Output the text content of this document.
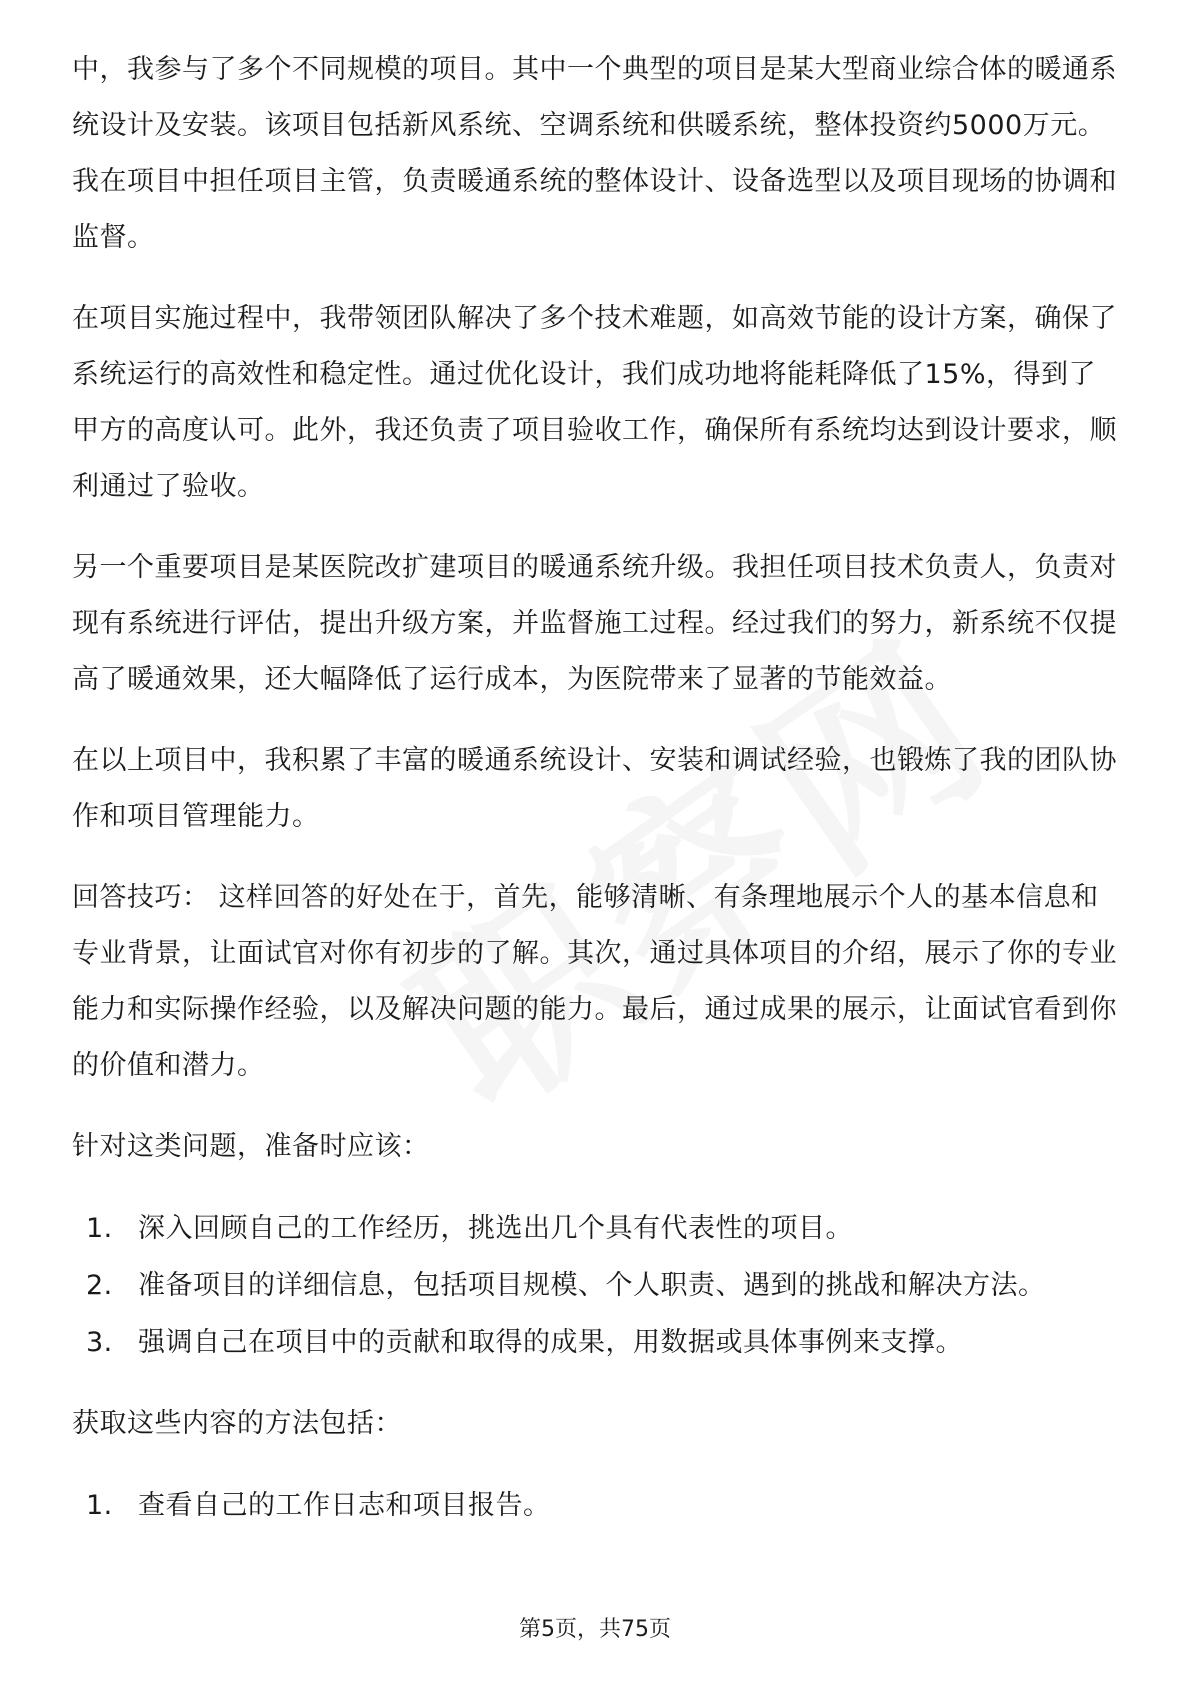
中，我参与了多个不同规模的项目。其中一个典型的项目是某大型商业综合体的暖通系统设计及安装。该项目包括新风系统、空调系统和供暖系统，整体投资约5000万元。我在项目中担任项目主管，负责暖通系统的整体设计、设备选型以及项目现场的协调和监督。

在项目实施过程中，我带领团队解决了多个技术难题，如高效节能的设计方案，确保了系统运行的高效性和稳定性。通过优化设计，我们成功地将能耗降低了15%，得到了甲方的高度认可。此外，我还负责了项目验收工作，确保所有系统均达到设计要求，顺利通过了验收。

另一个重要项目是某医院改扩建项目的暖通系统升级。我担任项目技术负责人，负责对现有系统进行评估，提出升级方案，并监督施工过程。经过我们的努力，新系统不仅提高了暖通效果，还大幅降低了运行成本，为医院带来了显著的节能效益。

在以上项目中，我积累了丰富的暖通系统设计、安装和调试经验，也锻炼了我的团队协作和项目管理能力。

回答技巧： 这样回答的好处在于，首先，能够清晰、有条理地展示个人的基本信息和专业背景，让面试官对你有初步的了解。其次，通过具体项目的介绍，展示了你的专业能力和实际操作经验，以及解决问题的能力。最后，通过成果的展示，让面试官看到你的价值和潜力。

针对这类问题，准备时应该：

1. 深入回顾自己的工作经历，挑选出几个具有代表性的项目。
2. 准备项目的详细信息，包括项目规模、个人职责、遇到的挑战和解决方法。
3. 强调自己在项目中的贡献和取得的成果，用数据或具体事例来支撑。

获取这些内容的方法包括：

1. 查看自己的工作日志和项目报告。
第5页，共75页
